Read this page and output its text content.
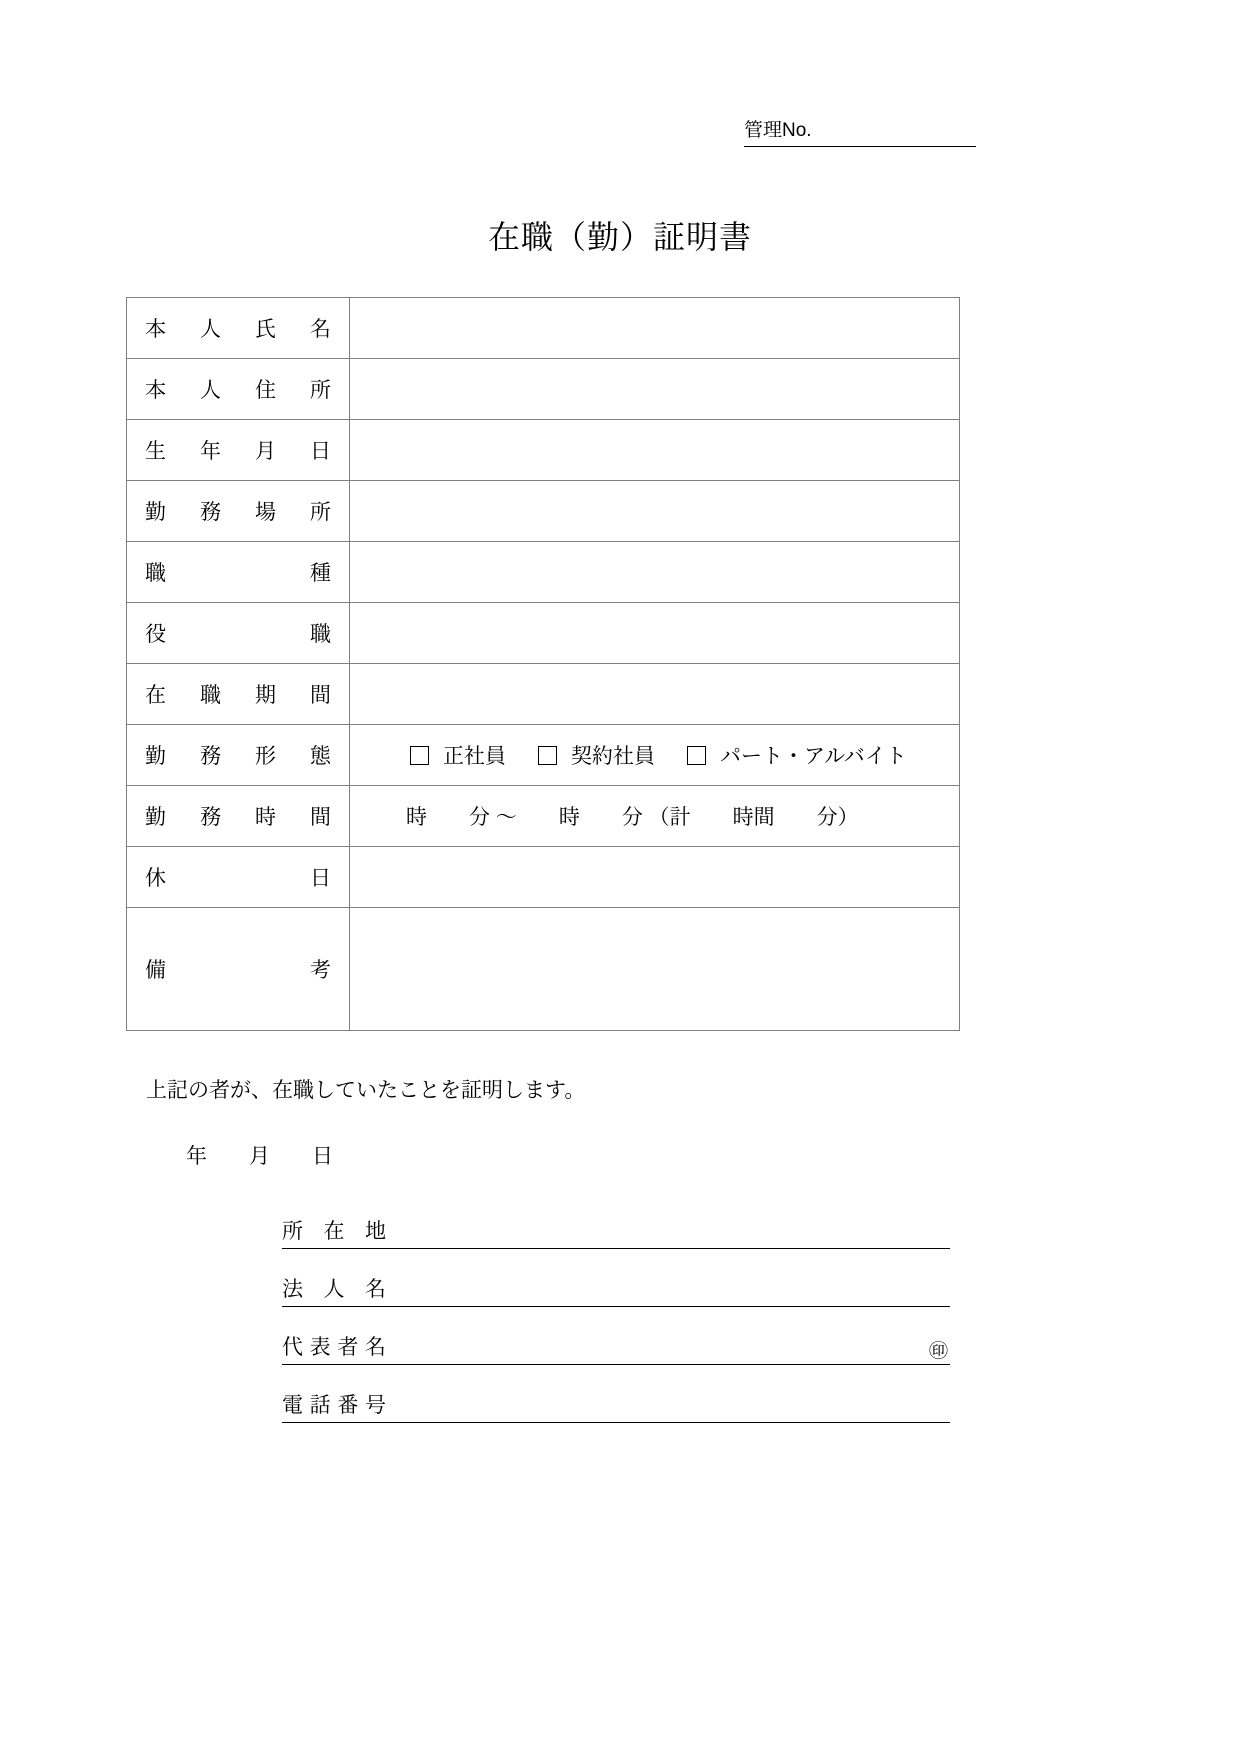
管理No.
在職（勤）証明書
本 人 氏 名	

本 人 住 所	

生 年 月 日	

勤 務 場 所	

職 種	

役 職	

在 職 期 間	

勤 務 形 態	正社員 契約社員 パート・アルバイト

勤 務 時 間	時　　分 ～　　時　　分 （計　　時間　　分）

休 日	

備 考	

上記の者が、在職していたことを証明します。
年　　月　　日
所 在 地
法 人 名
代 表 者 名	㊞
電 話 番 号
